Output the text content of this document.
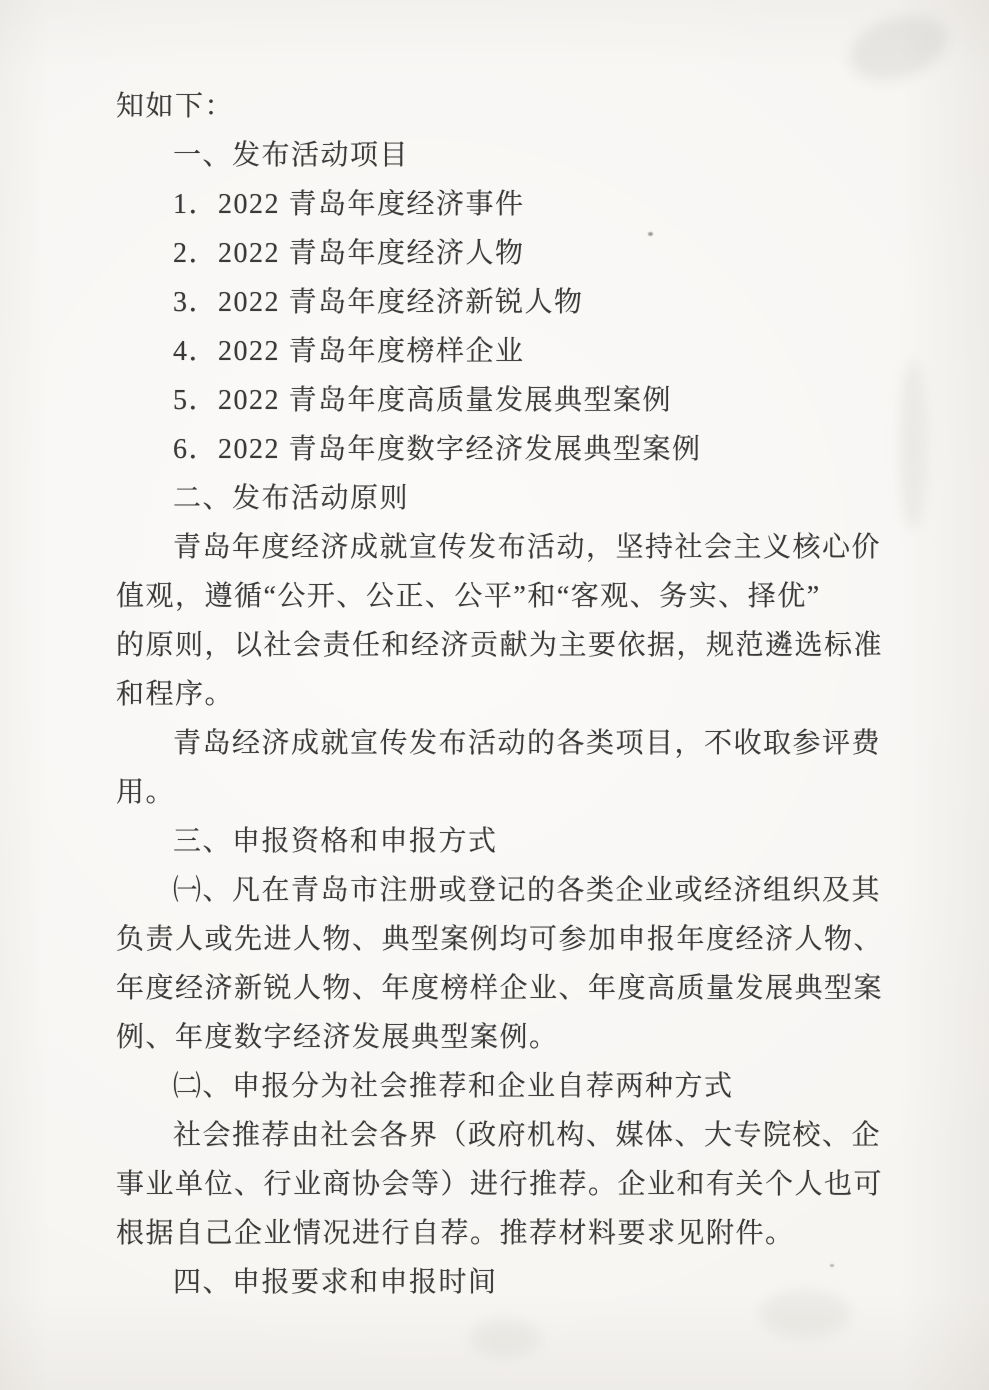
知如下：
一、发布活动项目
1．2022 青岛年度经济事件
2．2022 青岛年度经济人物
3．2022 青岛年度经济新锐人物
4．2022 青岛年度榜样企业
5．2022 青岛年度高质量发展典型案例
6．2022 青岛年度数字经济发展典型案例
二、发布活动原则
青岛年度经济成就宣传发布活动，坚持社会主义核心价
值观，遵循“公开、公正、公平”和“客观、务实、择优”
的原则，以社会责任和经济贡献为主要依据，规范遴选标准
和程序。
青岛经济成就宣传发布活动的各类项目，不收取参评费
用。
三、申报资格和申报方式
㈠、凡在青岛市注册或登记的各类企业或经济组织及其
负责人或先进人物、典型案例均可参加申报年度经济人物、
年度经济新锐人物、年度榜样企业、年度高质量发展典型案
例、年度数字经济发展典型案例。
㈡、申报分为社会推荐和企业自荐两种方式
社会推荐由社会各界（政府机构、媒体、大专院校、企
事业单位、行业商协会等）进行推荐。企业和有关个人也可
根据自己企业情况进行自荐。推荐材料要求见附件。
四、申报要求和申报时间
